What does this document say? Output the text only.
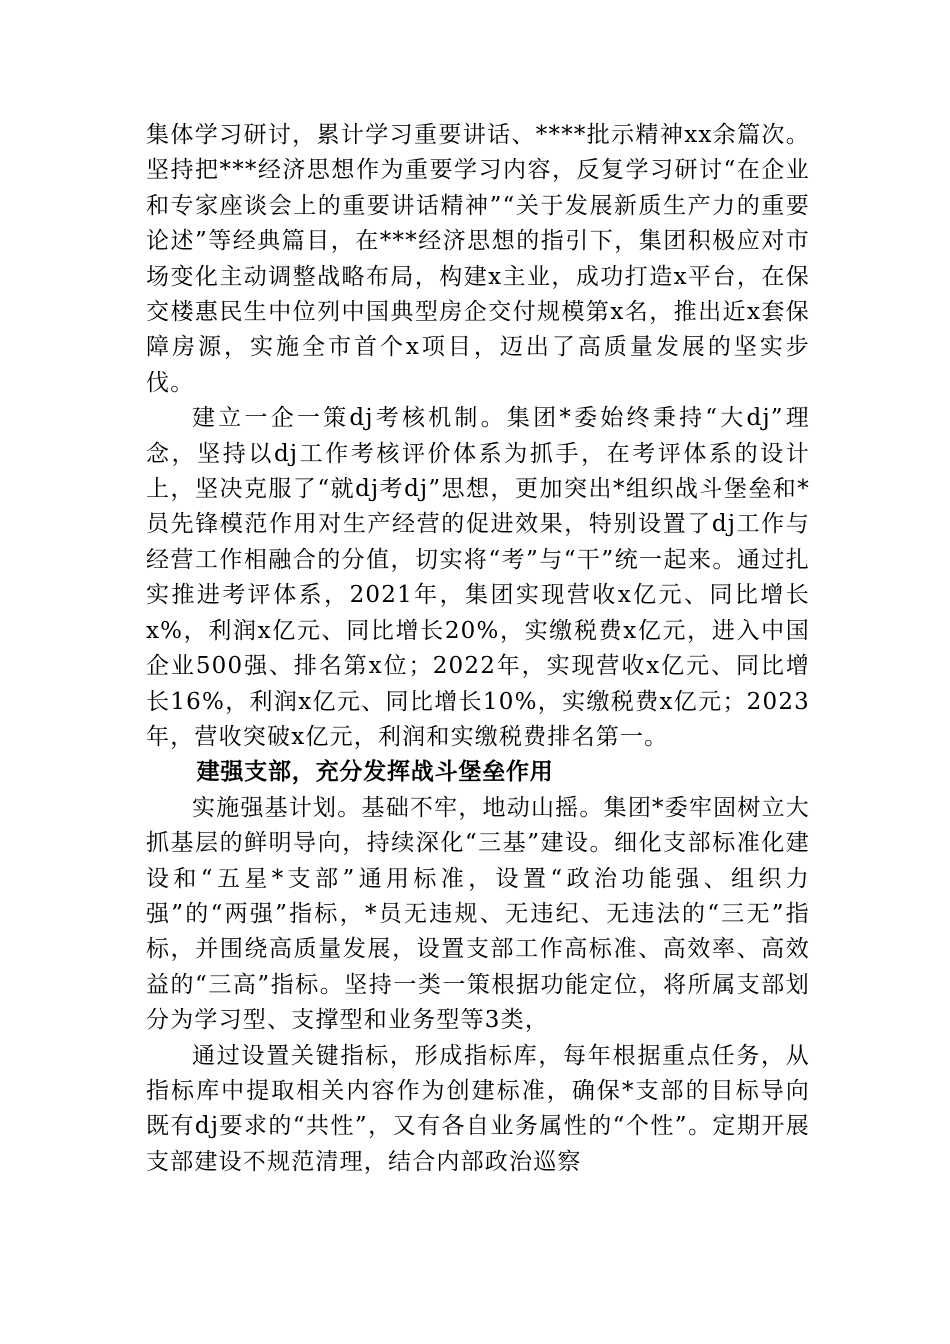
集体学习研讨，累计学习重要讲话、****批示精神xx余篇次。坚持把***经济思想作为重要学习内容，反复学习研讨“在企业和专家座谈会上的重要讲话精神”“关于发展新质生产力的重要论述”等经典篇目，在***经济思想的指引下，集团积极应对市场变化主动调整战略布局，构建x主业，成功打造x平台，在保交楼惠民生中位列中国典型房企交付规模第x名，推出近x套保障房源，实施全市首个x项目，迈出了高质量发展的坚实步伐。

建立一企一策dj考核机制。集团*委始终秉持“大dj”理念，坚持以dj工作考核评价体系为抓手，在考评体系的设计上，坚决克服了“就dj考dj”思想，更加突出*组织战斗堡垒和*员先锋模范作用对生产经营的促进效果，特别设置了dj工作与经营工作相融合的分值，切实将“考”与“干”统一起来。通过扎实推进考评体系，2021年，集团实现营收x亿元、同比增长x%，利润x亿元、同比增长20%，实缴税费x亿元，进入中国企业500强、排名第x位；2022年，实现营收x亿元、同比增长16%，利润x亿元、同比增长10%，实缴税费x亿元；2023年，营收突破x亿元，利润和实缴税费排名第一。

建强支部，充分发挥战斗堡垒作用

实施强基计划。基础不牢，地动山摇。集团*委牢固树立大抓基层的鲜明导向，持续深化“三基”建设。细化支部标准化建设和“五星*支部”通用标准，设置“政治功能强、组织力强”的“两强”指标，*员无违规、无违纪、无违法的“三无”指标，并围绕高质量发展，设置支部工作高标准、高效率、高效益的“三高”指标。坚持一类一策根据功能定位，将所属支部划分为学习型、支撑型和业务型等3类，

通过设置关键指标，形成指标库，每年根据重点任务，从指标库中提取相关内容作为创建标准，确保*支部的目标导向既有dj要求的“共性”，又有各自业务属性的“个性”。定期开展支部建设不规范清理，结合内部政治巡察
